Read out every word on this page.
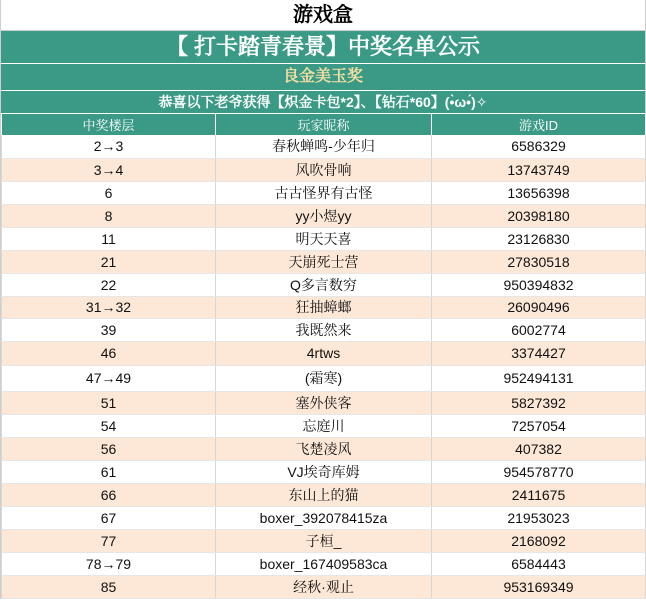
游戏盒
【 打卡踏青春景】中奖名单公示
良金美玉奖
恭喜以下老爷获得【炽金卡包*2】、【钻石*60】(•̀ω•́)✧
中奖楼层	玩家昵称	游戏ID
2→3	春秋蝉鸣-少年归	6586329
3→4	风吹骨响	13743749
6	古古怪界有古怪	13656398
8	yy小煜yy	20398180
11	明天天喜	23126830
21	天崩死士营	27830518
22	Q多言数穷	950394832
31→32	狂抽蟑螂	26090496
39	我既然来	6002774
46	4rtws	3374427
47→49	(霜寒)	952494131
51	塞外侠客	5827392
54	忘庭川	7257054
56	飞楚凌风	407382
61	VJ埃奇库姆	954578770
66	东山上的猫	2411675
67	boxer_392078415za	21953023
77	子桓_	2168092
78→79	boxer_167409583ca	6584443
85	经秋·观止	953169349
